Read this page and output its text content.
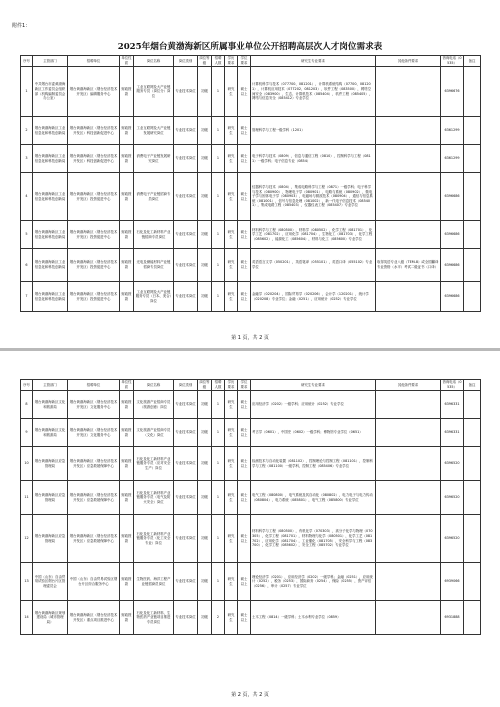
附件1：
2025年烟台黄渤海新区所属事业单位公开招聘高层次人才岗位需求表
序号	主管部门	招聘单位	单位性质	岗位名称	岗位类别	岗位等级	招聘人数	学历要求	学位要求	研究生专业要求	其他条件要求	咨询电话（0535）	备注
1	中共烟台市委黄渤海新区工作委员会组织部（机构编制委员会办公室）	烟台黄渤海新区（烟台经济技术开发区）编辑服务中心	财政拨款	工业互联网及大产业链服务专员（岗位分）岗位	专业技术岗位	初级	1	研究生	硕士以上	计算机科学与技术（077700、081201），计算机系统结构（07700、081201），计算机应用技术（077202、081203），软件工程（083500），网络空间安全（083900），生态、计算机技术（085404），软件工程（085405），网络与信息安全（085412）专业学位		6396676	
2	烟台黄渤海新区工业信息化和科技创新局	烟台黄渤海新区（烟台经济技术开发区）科技创新促进中心	财政拨款	工业互联网及大产业链发展研究岗位	专业技术岗位	初级	1	研究生	硕士以上	管理科学与工程一级学科（1201）		6361299	
3	烟台黄渤海新区工业信息化和科技创新局	烟台黄渤海新区（烟台经济技术开发区）科技创新促进中心	财政拨款	消费电子产业链发展研究岗位	专业技术岗位	初级	1	研究生	硕士以上	电子科学与技术（0809），信息与通信工程（0810），控制科学与工程（0811）一级学科；电子信息专业（0854）		6361299	
4	烟台黄渤海新区工业信息化和科技创新局	烟台黄渤海新区（烟台经济技术开发区）投资促进中心	财政拨款	消费电子产业链招商专员岗位	专业技术岗位	初级	1	研究生	硕士以上	仪器科学与技术（0804），集成电路科学与工程（0871）一级学科；电子科学与技术（080900），物理电子学（080901），电路与系统（080902），微电子学与固体电子学（080903），电磁场与微波技术（080904），通信与信息系统（081001），信号与信息处理（081002），新一代电子信息技术（085401），集成电路工程（085403），仪器仪表工程（085407）专业学位		6396686	
5	烟台黄渤海新区工业信息化和科技创新局	烟台黄渤海新区（烟台经济技术开发区）投资促进中心	财政拨款	石化及化工新材料产业链招商专员岗位	专业技术岗位	初级	1	研究生	硕士以上	材料科学与工程（080500），材料学（080502），化学工程（081701），化学工艺（081702），应用化学（081704），生物化工（081703），化学工程（085602），能源化工（085604），材料与化工（085600）专业学位		6396686	
6	烟台黄渤海新区工业信息化和科技创新局	烟台黄渤海新区（烟台经济技术开发区）投资促进中心	财政拨款	光电及储能材料产业链招商专员岗位	专业技术岗位	初级	1	研究生	硕士以上	英语语言文学（050201），英语笔译（055101），英语口译（055102）专业学位	取得英语专业八级（TEM-8）或全国翻译专业资格（水平）考试二级证书（口译）	6396686	
7	烟台黄渤海新区工业信息化和科技创新局	烟台黄渤海新区（烟台经济技术开发区）投资促进中心	财政拨款	工业互联网及大产业链服务专员（日本、美合）岗位	专业技术岗位	初级	1	研究生	硕士以上	金融学（020204），国际贸易学（020206），会计学（120201），统计学（020208）专业学位；金融（0251），应用统计（0252）专业学位		6396686	
第 1 页，共 2 页
序号	主管部门	招聘单位	单位性质	岗位名称	岗位类别	岗位等级	招聘人数	学历要求	学位要求	研究生专业要求	其他条件要求	咨询电话（0535）	备注
8	烟台黄渤海新区文化和旅游局	烟台黄渤海新区（烟台经济技术开发区）文化服务中心	财政拨款	文化旅游产业招商专员（旅游创意）岗位	专业技术岗位	初级	1	研究生	硕士以上	应用经济学（0202）一级学科；应用统计（0252）专业学位		6396331	
9	烟台黄渤海新区文化和旅游局	烟台黄渤海新区（烟台经济技术开发区）文化服务中心	财政拨款	文化旅游产业招商专员（文化）岗位	专业技术岗位	初级	1	研究生	硕士以上	考古学（0601），中国史（0602）一级学科；博物馆专业学位（0651）		6396331	
10	烟台黄渤海新区应急管理局	烟台黄渤海新区（烟台经济技术开发区）应急救援保障中心	财政拨款	石化及化工新材料产业链服务专员（应对安全生产）岗位	专业技术岗位	初级	1	研究生	硕士以上	检测技术与自动化装置（081102），控制理论与控制工程（081101），控制科学与工程（081100）一级学科，控制工程（085406）专业学位		6396520	
11	烟台黄渤海新区应急管理局	烟台黄渤海新区（烟台经济技术开发区）应急救援保障中心	财政拨款	石化及化工新材料产业链服务专员（电气及防火安全）岗位	专业技术岗位	初级	1	研究生	硕士以上	电气工程（080800），电气系统及其自动化（080802），电力电子与电力传动（080804），电力系统（085801），电气工程（085800）专业学位		6396520	
12	烟台黄渤海新区应急管理局	烟台黄渤海新区（烟台经济技术开发区）应急救援保障中心	财政拨款	石化及化工新材料产业链服务专员（化工安全专业）岗位	专业技术岗位	初级	1	研究生	硕士以上	材料科学与工程（080500），有机化学（070303），高分子化学与物理（070305），化学工程（081701），材料物理与化学（080501），化学工艺（081702），应用化学（081704），工业催化（081705），安全科学与工程（083700），化学工程（085602），安全工程（085702）专业学位		6396520	
13	中国（山东）自由贸易试验区烟台片区管理委员会	中国（山东）自由贸易试验区烟台片区综合服务中心	财政拨款	生物医药、海洋工程产业链招商员岗位	专业技术岗位	初级	1	研究生	硕士以上	理论经济学（0201），应用经济学（0202）一级学科；金融（0251），应用统计（0252），税务（0253），国际商务（0254），保险（0255），资产评估（0256），审计（0257）专业学位		6939066	
14	烟台黄渤海新区规划建设局（城市管理局）	烟台黄渤海新区（烟台经济技术开发区）重点项目推进中心	财政拨款	石化及化工新材料、生物医药产业链项目推进专员岗位	专业技术岗位	初级	2	研究生	硕士以上	土木工程（0814）一级学科；土木水利专业学位（0859）		6931888	
第 2 页，共 2 页
